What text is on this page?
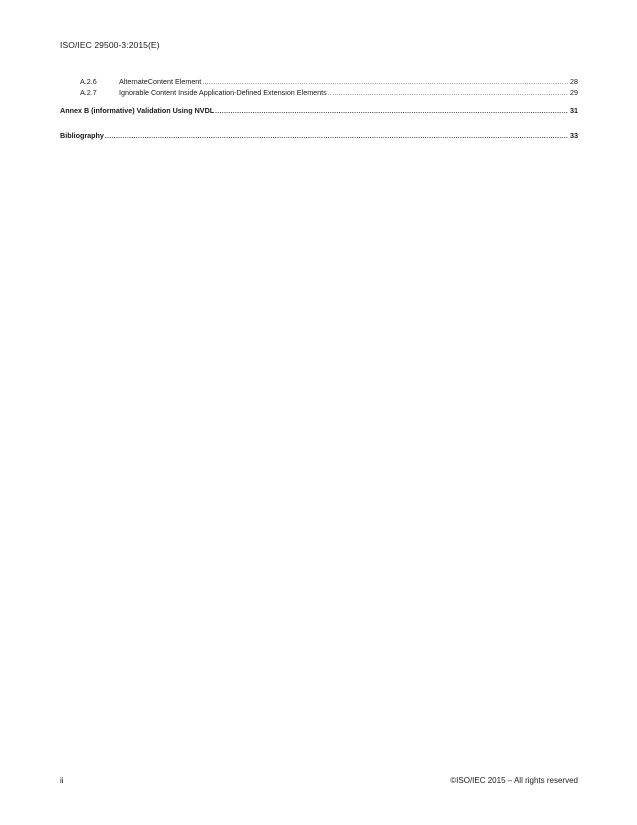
ISO/IEC 29500-3:2015(E)
A.2.6	AlternateContent Element .....	28
A.2.7	Ignorable Content Inside Application-Defined Extension Elements .....	29
Annex B (informative) Validation Using NVDL .....	31
Bibliography .....	33
ii	©ISO/IEC 2015 – All rights reserved
